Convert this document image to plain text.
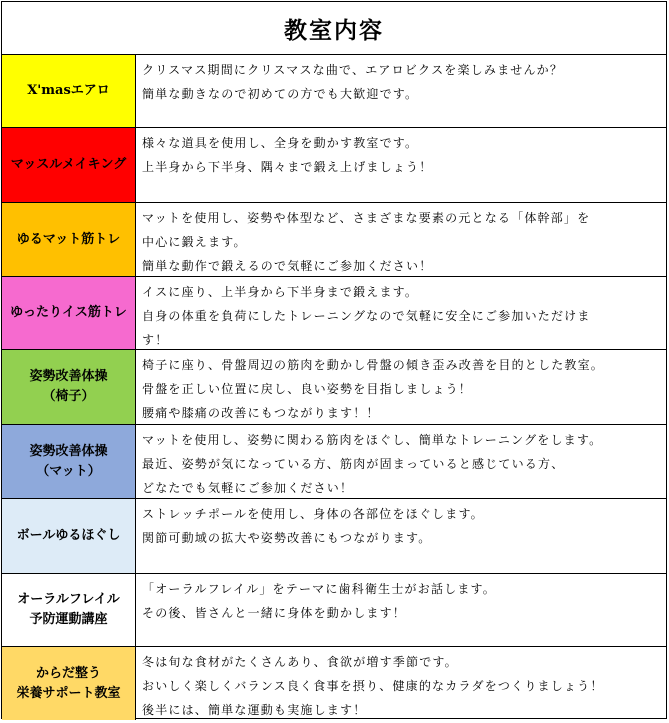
教室内容
X'masエアロ
クリスマス期間にクリスマスな曲で、エアロビクスを楽しみませんか？
簡単な動きなので初めての方でも大歓迎です。
マッスルメイキング
様々な道具を使用し、全身を動かす教室です。
上半身から下半身、隅々まで鍛え上げましょう！
ゆるマット筋トレ
マットを使用し、姿勢や体型など、さまざまな要素の元となる「体幹部」を
中心に鍛えます。
簡単な動作で鍛えるので気軽にご参加ください！
ゆったりイス筋トレ
イスに座り、上半身から下半身まで鍛えます。
自身の体重を負荷にしたトレーニングなので気軽に安全にご参加いただけま
す！
姿勢改善体操
（椅子）
椅子に座り、骨盤周辺の筋肉を動かし骨盤の傾き歪み改善を目的とした教室。
骨盤を正しい位置に戻し、良い姿勢を目指しましょう！
腰痛や膝痛の改善にもつながります！！
姿勢改善体操
（マット）
マットを使用し、姿勢に関わる筋肉をほぐし、簡単なトレーニングをします。
最近、姿勢が気になっている方、筋肉が固まっていると感じている方、
どなたでも気軽にご参加ください！
ボールゆるほぐし
ストレッチポールを使用し、身体の各部位をほぐします。
関節可動域の拡大や姿勢改善にもつながります。
オーラルフレイル
予防運動講座
「オーラルフレイル」をテーマに歯科衛生士がお話します。
その後、皆さんと一緒に身体を動かします！
からだ整う
栄養サポート教室
冬は旬な食材がたくさんあり、食欲が増す季節です。
おいしく楽しくバランス良く食事を摂り、健康的なカラダをつくりましょう！
後半には、簡単な運動も実施します！
